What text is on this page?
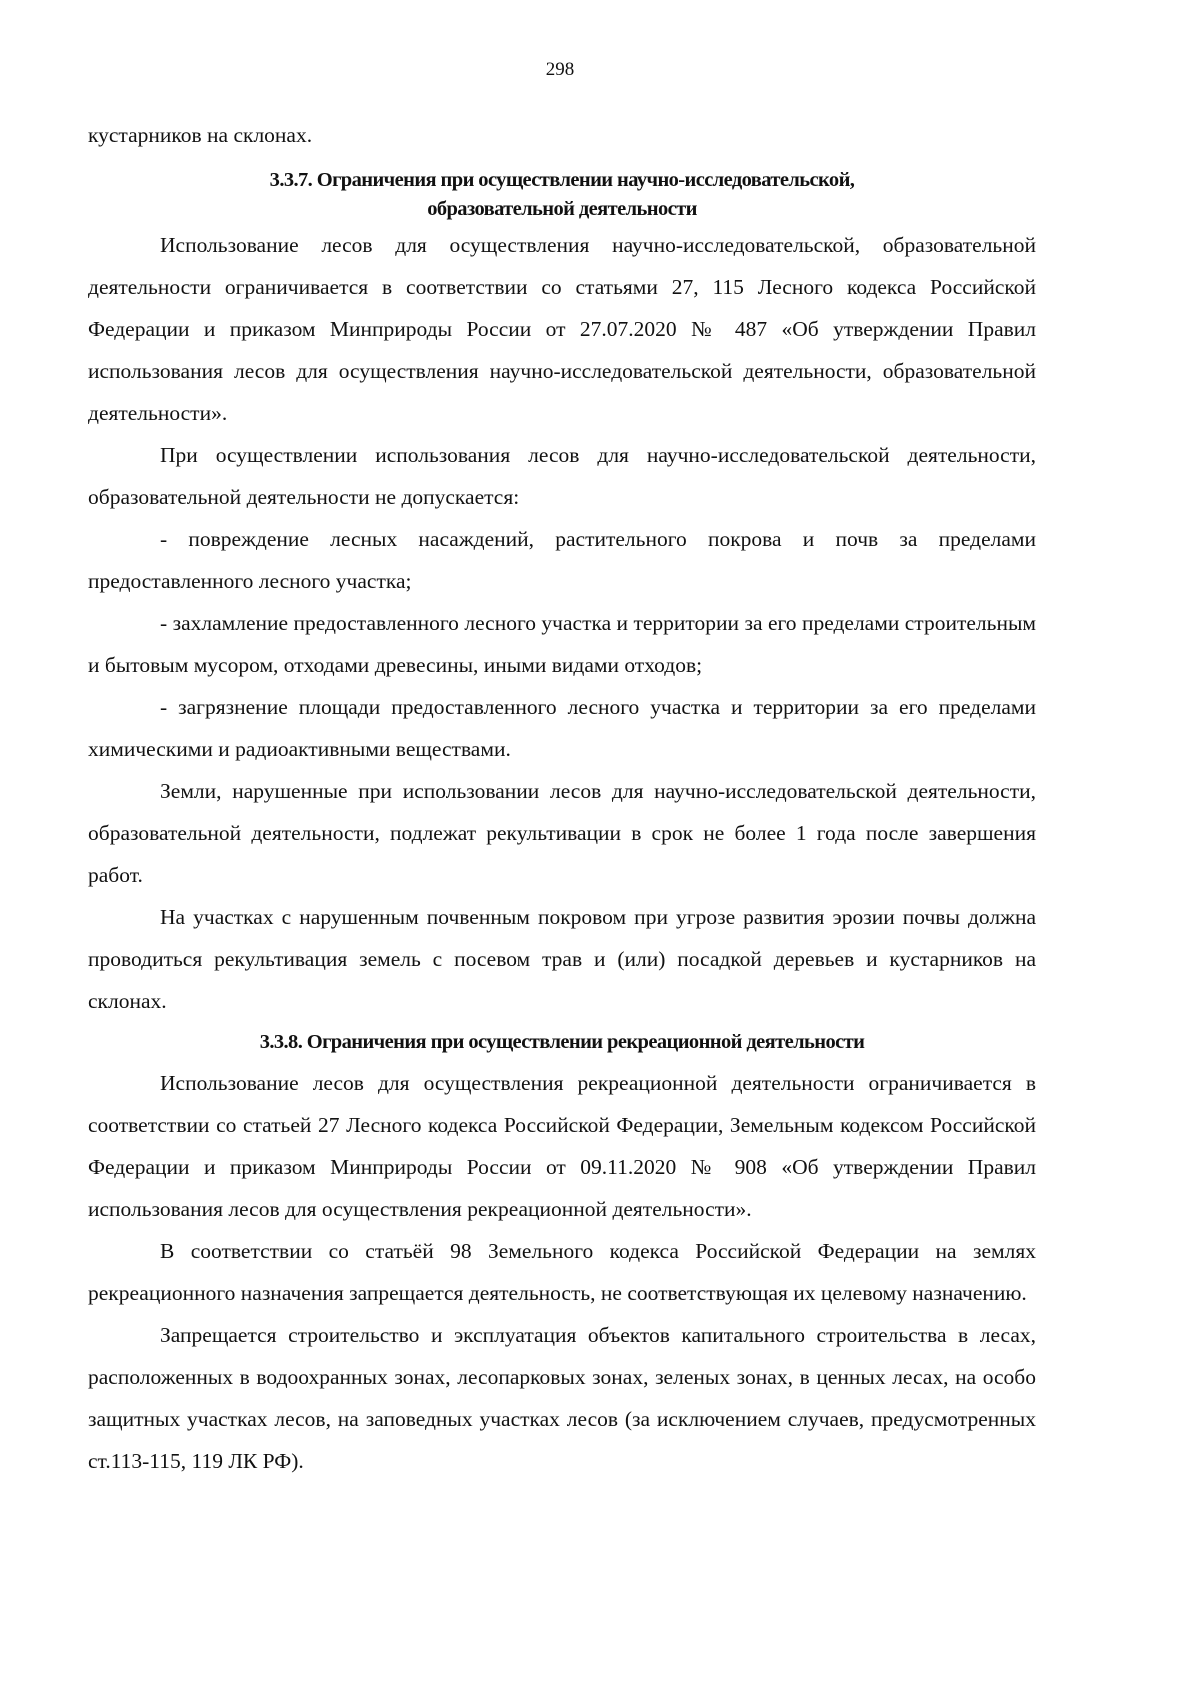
298

кустарников на склонах.

3.3.7. Ограничения при осуществлении научно-исследовательской,
образовательной деятельности

Использование лесов для осуществления научно-исследовательской, образовательной деятельности ограничивается в соответствии со статьями 27, 115 Лесного кодекса Российской Федерации и приказом Минприроды России от 27.07.2020 № 487 «Об утверждении Правил использования лесов для осуществления научно-исследовательской деятельности, образовательной деятельности».

При осуществлении использования лесов для научно-исследовательской деятельности, образовательной деятельности не допускается:

- повреждение лесных насаждений, растительного покрова и почв за пределами предоставленного лесного участка;

- захламление предоставленного лесного участка и территории за его пределами строительным и бытовым мусором, отходами древесины, иными видами отходов;

- загрязнение площади предоставленного лесного участка и территории за его пределами химическими и радиоактивными веществами.

Земли, нарушенные при использовании лесов для научно-исследовательской деятельности, образовательной деятельности, подлежат рекультивации в срок не более 1 года после завершения работ.

На участках с нарушенным почвенным покровом при угрозе развития эрозии почвы должна проводиться рекультивация земель с посевом трав и (или) посадкой деревьев и кустарников на склонах.

3.3.8. Ограничения при осуществлении рекреационной деятельности

Использование лесов для осуществления рекреационной деятельности ограничивается в соответствии со статьей 27 Лесного кодекса Российской Федерации, Земельным кодексом Российской Федерации и приказом Минприроды России от 09.11.2020 № 908 «Об утверждении Правил использования лесов для осуществления рекреационной деятельности».

В соответствии со статьёй 98 Земельного кодекса Российской Федерации на землях рекреационного назначения запрещается деятельность, не соответствующая их целевому назначению.

Запрещается строительство и эксплуатация объектов капитального строительства в лесах, расположенных в водоохранных зонах, лесопарковых зонах, зеленых зонах, в ценных лесах, на особо защитных участках лесов, на заповедных участках лесов (за исключением случаев, предусмотренных ст.113-115, 119 ЛК РФ).
